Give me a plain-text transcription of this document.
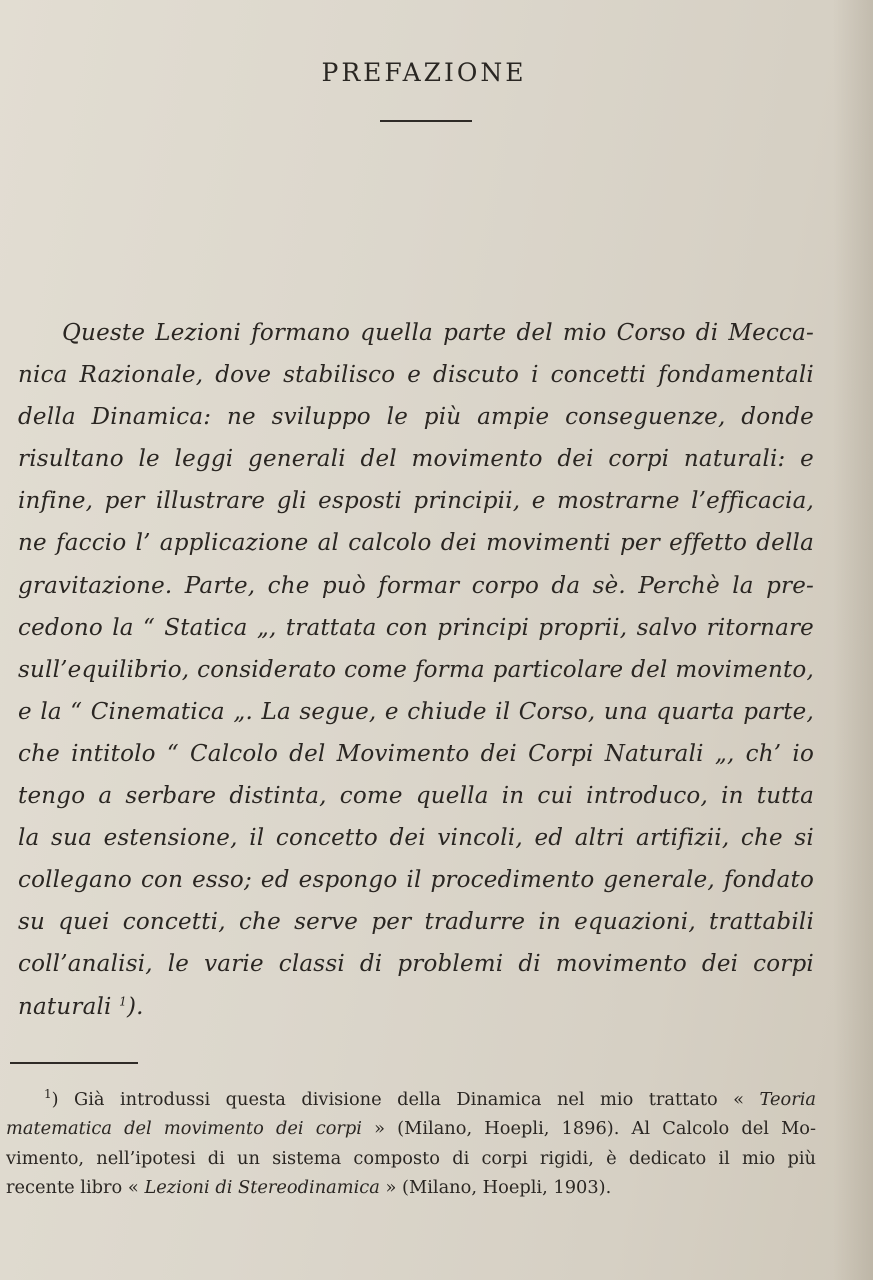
PREFAZIONE

Queste Lezioni formano quella parte del mio Corso di Mecca-
nica Razionale, dove stabilisco e discuto i concetti fondamentali
della Dinamica: ne sviluppo le più ampie conseguenze, donde
risultano le leggi generali del movimento dei corpi naturali: e
infine, per illustrare gli esposti principii, e mostrarne l’efficacia,
ne faccio l’ applicazione al calcolo dei movimenti per effetto della
gravitazione. Parte, che può formar corpo da sè. Perchè la pre-
cedono la “ Statica „, trattata con principi proprii, salvo ritornare
sull’equilibrio, considerato come forma particolare del movimento,
e la “ Cinematica „. La segue, e chiude il Corso, una quarta parte,
che intitolo “ Calcolo del Movimento dei Corpi Naturali „, ch’ io
tengo a serbare distinta, come quella in cui introduco, in tutta
la sua estensione, il concetto dei vincoli, ed altri artifizii, che si
collegano con esso; ed espongo il procedimento generale, fondato
su quei concetti, che serve per tradurre in equazioni, trattabili
coll’analisi, le varie classi di problemi di movimento dei corpi
naturali $^1$).

$^1$) Già introdussi questa divisione della Dinamica nel mio trattato « Teoria
matematica del movimento dei corpi » (Milano, Hoepli, 1896). Al Calcolo del Mo-
vimento, nell’ipotesi di un sistema composto di corpi rigidi, è dedicato il mio più
recente libro « Lezioni di Stereodinamica » (Milano, Hoepli, 1903).
